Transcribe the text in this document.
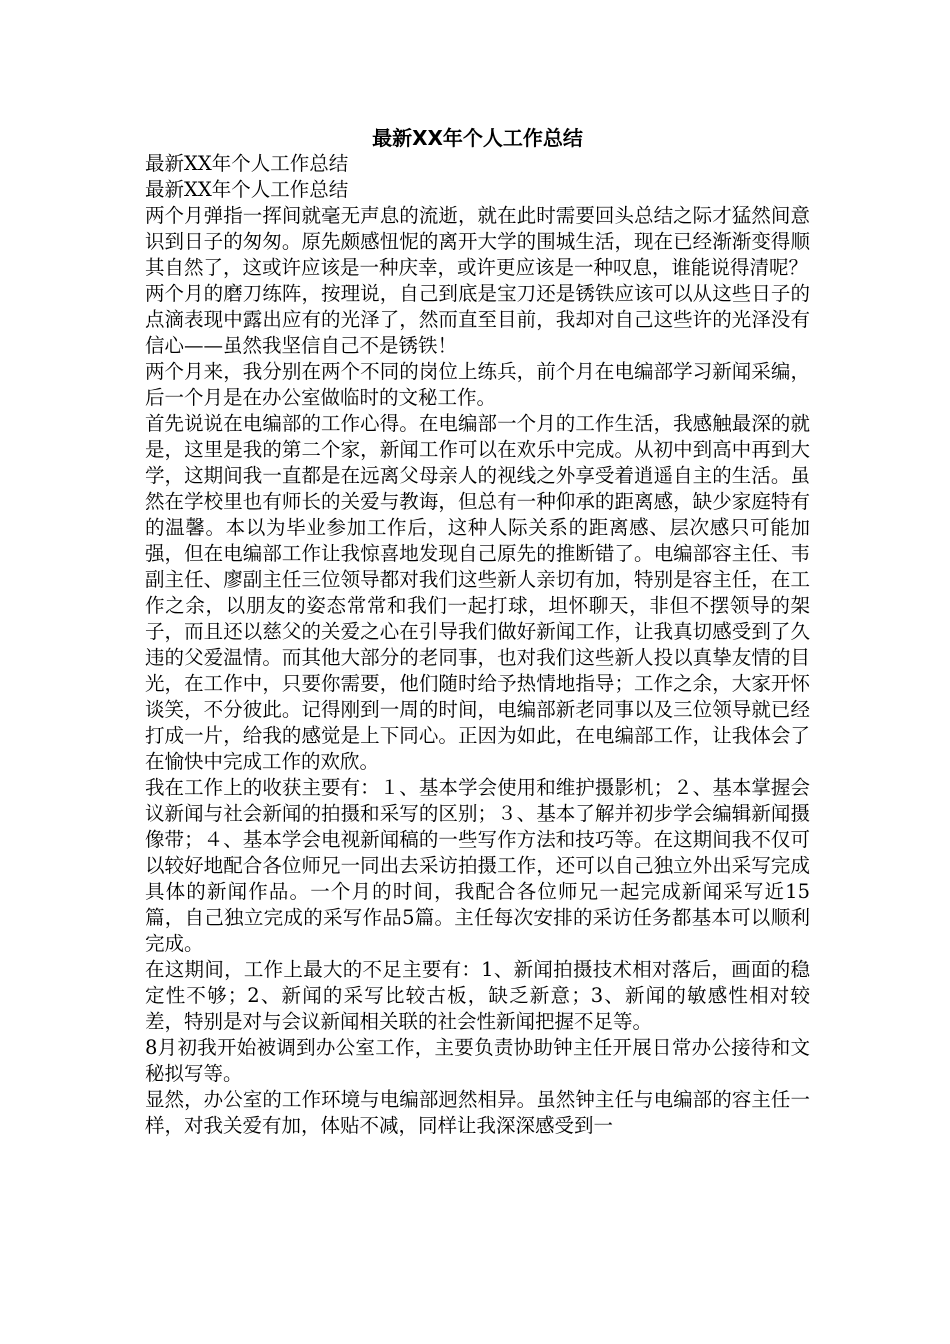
最新XX年个人工作总结
最新XX年个人工作总结
最新XX年个人工作总结

两个月弹指一挥间就毫无声息的流逝，就在此时需要回头总结之际才猛然间意识到日子的匆匆。原先颇感忸怩的离开大学的围城生活，现在已经渐渐变得顺其自然了，这或许应该是一种庆幸，或许更应该是一种叹息，谁能说得清呢？

两个月的磨刀练阵，按理说，自己到底是宝刀还是锈铁应该可以从这些日子的点滴表现中露出应有的光泽了，然而直至目前，我却对自己这些许的光泽没有信心——虽然我坚信自己不是锈铁！

两个月来，我分别在两个不同的岗位上练兵，前个月在电编部学习新闻采编，后一个月是在办公室做临时的文秘工作。

首先说说在电编部的工作心得。在电编部一个月的工作生活，我感触最深的就是，这里是我的第二个家，新闻工作可以在欢乐中完成。从初中到高中再到大学，这期间我一直都是在远离父母亲人的视线之外享受着逍遥自主的生活。虽然在学校里也有师长的关爱与教诲，但总有一种仰承的距离感，缺少家庭特有的温馨。本以为毕业参加工作后，这种人际关系的距离感、层次感只可能加强，但在电编部工作让我惊喜地发现自己原先的推断错了。电编部容主任、韦副主任、廖副主任三位领导都对我们这些新人亲切有加，特别是容主任，在工作之余，以朋友的姿态常常和我们一起打球，坦怀聊天，非但不摆领导的架子，而且还以慈父的关爱之心在引导我们做好新闻工作，让我真切感受到了久违的父爱温情。而其他大部分的老同事，也对我们这些新人投以真挚友情的目光，在工作中，只要你需要，他们随时给予热情地指导；工作之余，大家开怀谈笑，不分彼此。记得刚到一周的时间，电编部新老同事以及三位领导就已经打成一片，给我的感觉是上下同心。正因为如此，在电编部工作，让我体会了在愉快中完成工作的欢欣。

我在工作上的收获主要有：１、基本学会使用和维护摄影机；２、基本掌握会议新闻与社会新闻的拍摄和采写的区别；３、基本了解并初步学会编辑新闻摄像带；４、基本学会电视新闻稿的一些写作方法和技巧等。在这期间我不仅可以较好地配合各位师兄一同出去采访拍摄工作，还可以自己独立外出采写完成具体的新闻作品。一个月的时间，我配合各位师兄一起完成新闻采写近15篇，自己独立完成的采写作品5篇。主任每次安排的采访任务都基本可以顺利完成。

在这期间，工作上最大的不足主要有：1、新闻拍摄技术相对落后，画面的稳定性不够；2、新闻的采写比较古板，缺乏新意；3、新闻的敏感性相对较差，特别是对与会议新闻相关联的社会性新闻把握不足等。

8月初我开始被调到办公室工作，主要负责协助钟主任开展日常办公接待和文秘拟写等。

显然，办公室的工作环境与电编部迥然相异。虽然钟主任与电编部的容主任一样，对我关爱有加，体贴不减，同样让我深深感受到一
